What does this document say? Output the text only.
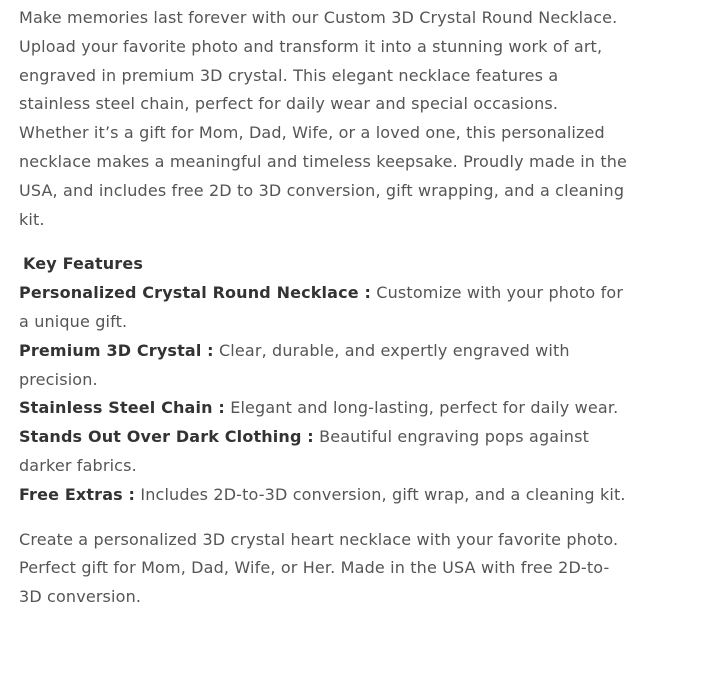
Make memories last forever with our Custom 3D Crystal Round Necklace. Upload your favorite photo and transform it into a stunning work of art, engraved in premium 3D crystal. This elegant necklace features a stainless steel chain, perfect for daily wear and special occasions. Whether it’s a gift for Mom, Dad, Wife, or a loved one, this personalized necklace makes a meaningful and timeless keepsake. Proudly made in the USA, and includes free 2D to 3D conversion, gift wrapping, and a cleaning kit.

Key Features

Personalized Crystal Round Necklace : Customize with your photo for a unique gift.

Premium 3D Crystal : Clear, durable, and expertly engraved with precision.

Stainless Steel Chain : Elegant and long-lasting, perfect for daily wear.

Stands Out Over Dark Clothing : Beautiful engraving pops against darker fabrics.

Free Extras : Includes 2D-to-3D conversion, gift wrap, and a cleaning kit.

Create a personalized 3D crystal heart necklace with your favorite photo. Perfect gift for Mom, Dad, Wife, or Her. Made in the USA with free 2D-to-3D conversion.
